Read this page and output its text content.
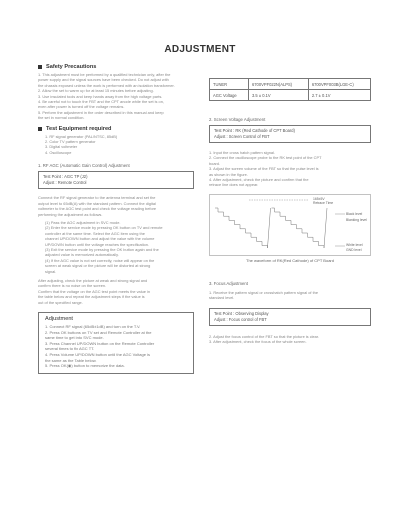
ADJUSTMENT
Safety Precautions

1. This adjustment must be performed by a qualified technician only, after the

power supply and the signal sources have been checked. Do not adjust with

the chassis exposed unless the work is performed with an isolation transformer.

2. Allow the set to warm up for at least 15 minutes before adjusting.

3. Use insulated tools and keep hands away from the high voltage parts.

4. Be careful not to touch the FBT and the CPT anode while the set is on,

even after power is turned off the voltage remains.

5. Perform the adjustment in the order described in this manual and keep

the set in normal condition.

Test Equipment required

1. RF signal generator (PAL/NTSC, 85dB)

2. Color TV pattern generator

3. Digital voltmeter

4. Oscilloscope

1. RF AGC (Automatic Gain Control) Adjustment

Test Point : AGC TP (J2)
Adjust : Remote Control

Connect the RF signal generator to the antenna terminal and set the

output level to 65dB(A) with the standard pattern. Connect the digital

voltmeter to the AGC test point and check the voltage reading before

performing the adjustment as follows.

(1) Pass the AGC adjustment in SVC mode.

(2) Enter the service mode by pressing OK button on TV and remote

controller at the same time. Select the AGC item using the

channel UP/DOWN button and adjust the value with the volume

UP/DOWN button until the voltage reaches the specification.

(3) Exit the service mode by pressing the OK button again and the

adjusted value is memorized automatically.

(4) If the AGC value is not set correctly, noise will appear on the

screen at weak signal or the picture will be distorted at strong

signal.

After adjusting, check the picture at weak and strong signal and

confirm there is no noise on the screen.

Confirm that the voltage on the AGC test point meets the value in

the table below and repeat the adjustment steps if the value is

out of the specified range.

Adjustment

1. Connect RF signal (65dB±1dB) and turn on the T.V.

2. Press OK buttons on TV set and Remote Controller at the

same time to get into SVC mode.

3. Press Channel UP/DOWN button on the Remote Controller

several times to fix AGC TT.

4. Press Volume UP/DOWN button until the AGC Voltage is

the same as the Table below.

5. Press OK(◉) button to memorize the data.

TUNER	6700VPF022N(ALPS)	6700VPF003B(LGE-C)
AGC Voltage	3.5 ± 0.1V	2.7 ± 0.1V

2. Screen Voltage Adjustment

Test Point : RK (Red Cathode of CPT Board)
Adjust : Screen Control of FBT

1. Input the cross hatch pattern signal.

2. Connect the oscilloscope probe to the RK test point of the CPT

board.

3. Adjust the screen volume of the FBT so that the pulse level is

as shown in the figure.

4. After adjustment, check the picture and confirm that the

retrace line does not appear.

165±5V
Retrace Time
Black level
Blanking level
White level
GND level

The waveform of RK(Red Cathode) of CPT Board

3. Focus Adjustment

1. Receive the pattern signal or crosshatch pattern signal of the

standard level.

Test Point : Observing Display
Adjust : Focus control of FBT

2. Adjust the focus control of the FBT so that the picture is clear.

3. After adjustment, check the focus of the whole screen.
